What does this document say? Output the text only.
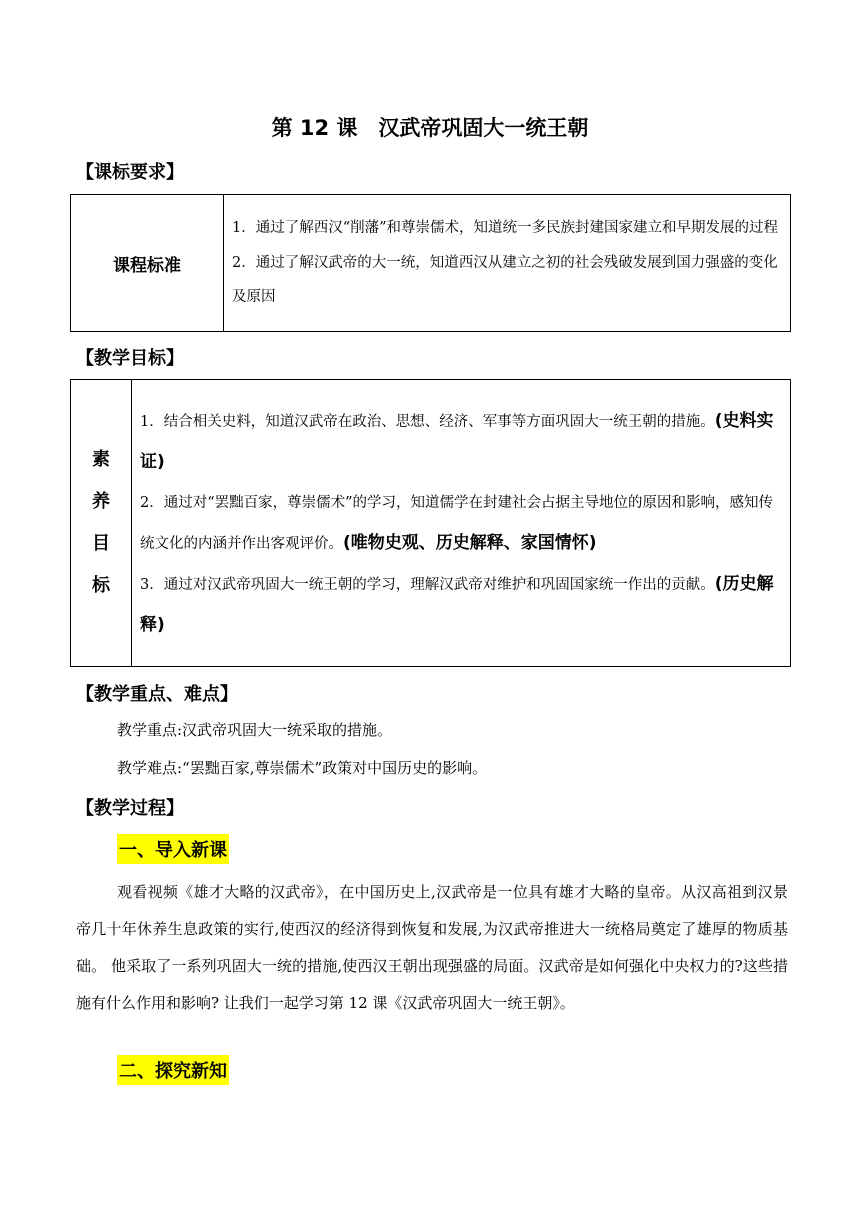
第 12 课　汉武帝巩固大一统王朝
【课标要求】
课程标准	
1．通过了解西汉“削藩”和尊崇儒术，知道统一多民族封建国家建立和早期发展的过程
2．通过了解汉武帝的大一统，知道西汉从建立之初的社会残破发展到国力强盛的变化及原因
【教学目标】
素
养
目
标

1．结合相关史料，知道汉武帝在政治、思想、经济、军事等方面巩固大一统王朝的措施。(史料实证)
2．通过对“罢黜百家，尊崇儒术”的学习，知道儒学在封建社会占据主导地位的原因和影响，感知传统文化的内涵并作出客观评价。(唯物史观、历史解释、家国情怀)
3．通过对汉武帝巩固大一统王朝的学习，理解汉武帝对维护和巩固国家统一作出的贡献。(历史解释)
【教学重点、难点】
教学重点:汉武帝巩固大一统采取的措施。
教学难点:“罢黜百家,尊崇儒术”政策对中国历史的影响。
【教学过程】
一、导入新课
观看视频《雄才大略的汉武帝》，在中国历史上,汉武帝是一位具有雄才大略的皇帝。从汉高祖到汉景帝几十年休养生息政策的实行,使西汉的经济得到恢复和发展,为汉武帝推进大一统格局奠定了雄厚的物质基础。 他采取了一系列巩固大一统的措施,使西汉王朝出现强盛的局面。汉武帝是如何强化中央权力的?这些措施有什么作用和影响? 让我们一起学习第 12 课《汉武帝巩固大一统王朝》。
二、探究新知
